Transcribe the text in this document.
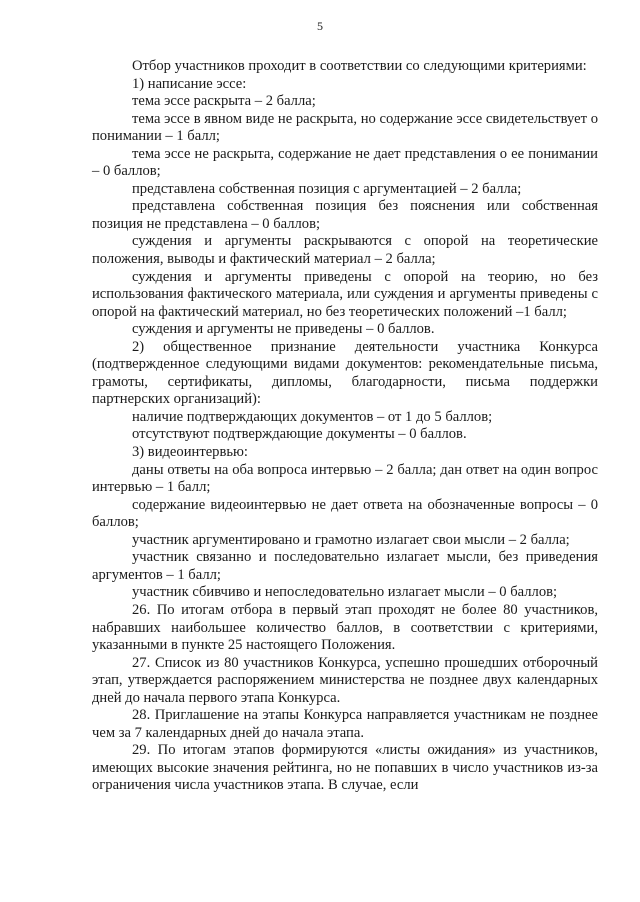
5

Отбор участников проходит в соответствии со следующими критериями:

1) написание эссе:

тема эссе раскрыта – 2 балла;

тема эссе в явном виде не раскрыта, но содержание эссе свидетельствует о понимании – 1 балл;

тема эссе не раскрыта, содержание не дает представления о ее понимании – 0 баллов;

представлена собственная позиция с аргументацией – 2 балла;

представлена собственная позиция без пояснения или собственная позиция не представлена – 0 баллов;

суждения и аргументы раскрываются с опорой на теоретические положения, выводы и фактический материал – 2 балла;

суждения и аргументы приведены с опорой на теорию, но без использования фактического материала, или суждения и аргументы приведены с опорой на фактический материал, но без теоретических положений –1 балл;

суждения и аргументы не приведены – 0 баллов.

2) общественное признание деятельности участника Конкурса (подтвержденное следующими видами документов: рекомендательные письма, грамоты, сертификаты, дипломы, благодарности, письма поддержки партнерских организаций):

наличие подтверждающих документов – от 1 до 5 баллов;

отсутствуют подтверждающие документы – 0 баллов.

3) видеоинтервью:

даны ответы на оба вопроса интервью – 2 балла; дан ответ на один вопрос интервью – 1 балл;

содержание видеоинтервью не дает ответа на обозначенные вопросы – 0 баллов;

участник аргументировано и грамотно излагает свои мысли – 2 балла;

участник связанно и последовательно излагает мысли, без приведения аргументов – 1 балл;

участник сбивчиво и непоследовательно излагает мысли – 0 баллов;

26. По итогам отбора в первый этап проходят не более 80 участников, набравших наибольшее количество баллов, в соответствии с критериями, указанными в пункте 25 настоящего Положения.

27. Список из 80 участников Конкурса, успешно прошедших отборочный этап, утверждается распоряжением министерства не позднее двух календарных дней до начала первого этапа Конкурса.

28. Приглашение на этапы Конкурса направляется участникам не позднее чем за 7 календарных дней до начала этапа.

29. По итогам этапов формируются «листы ожидания» из участников, имеющих высокие значения рейтинга, но не попавших в число участников из-за ограничения числа участников этапа. В случае, если
